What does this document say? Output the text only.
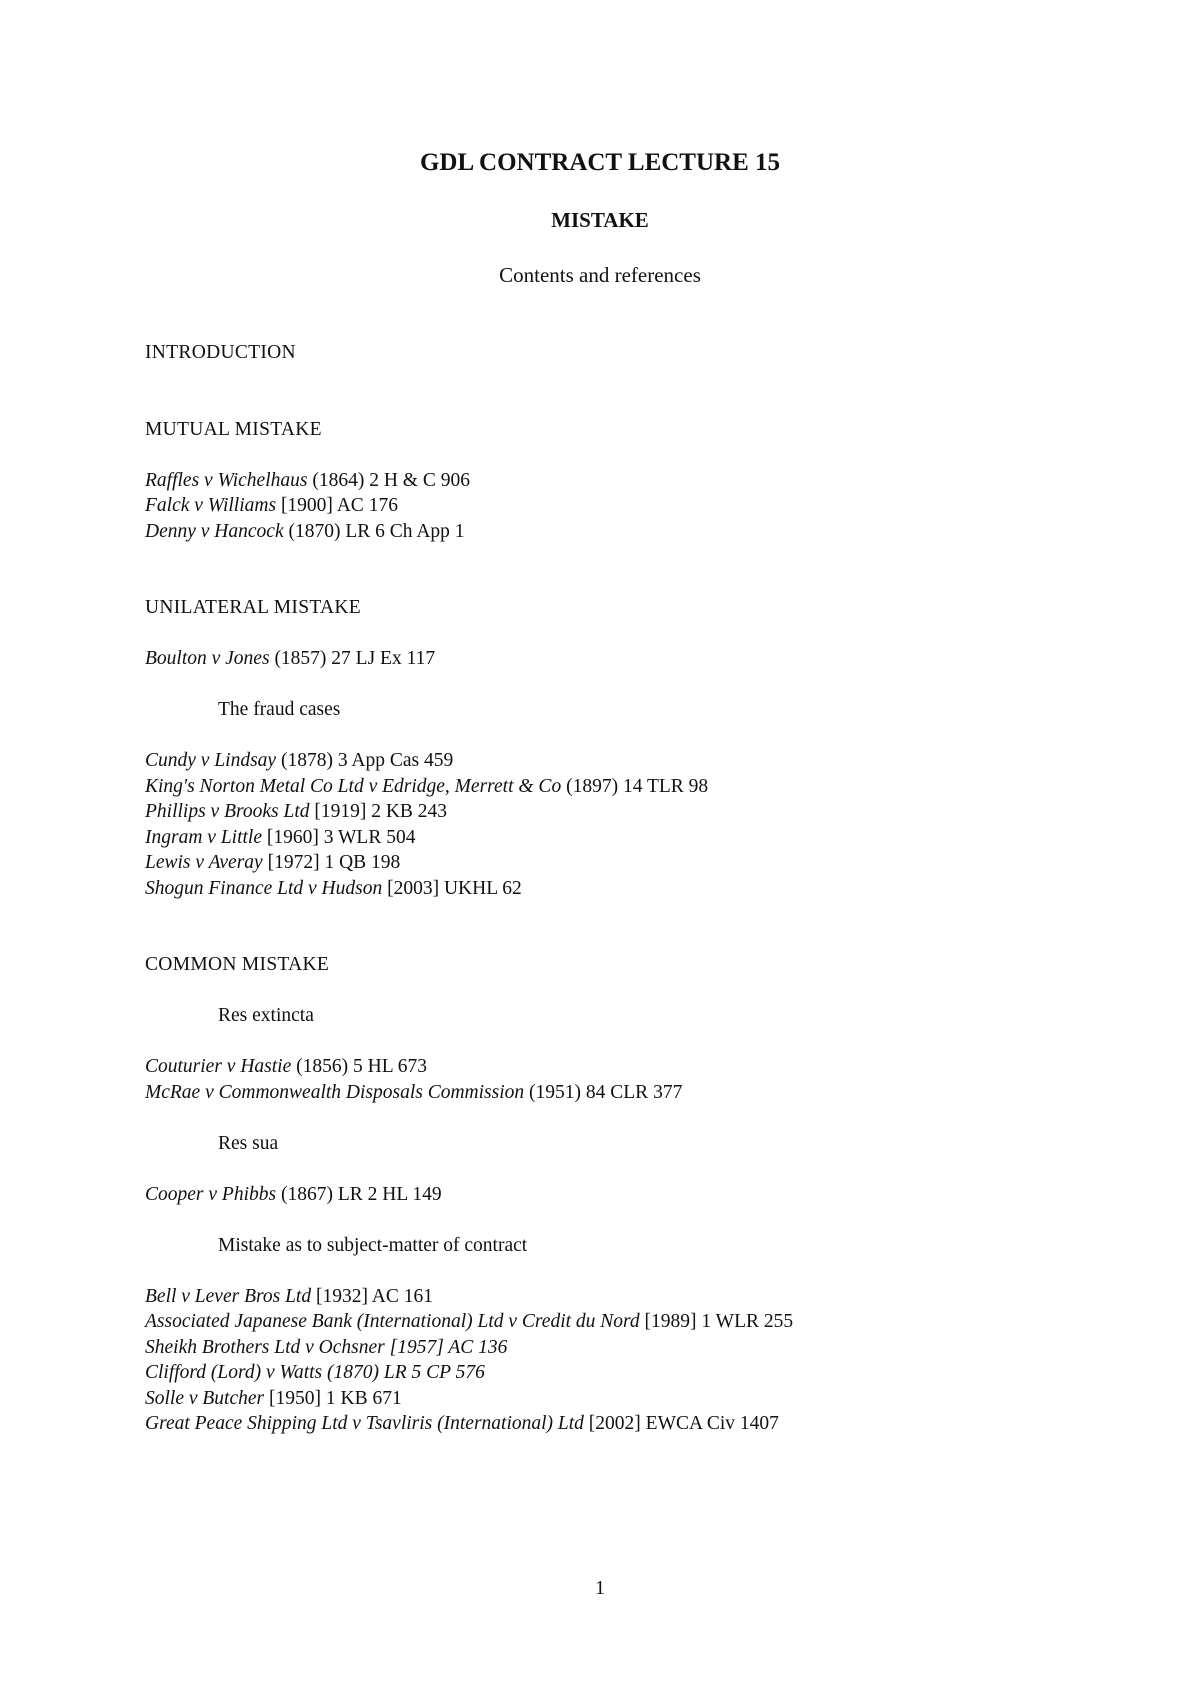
GDL CONTRACT LECTURE 15
MISTAKE
Contents and references
INTRODUCTION
MUTUAL MISTAKE
Raffles v Wichelhaus (1864) 2 H & C 906
Falck v Williams [1900] AC 176
Denny v Hancock (1870) LR 6 Ch App 1
UNILATERAL MISTAKE
Boulton v Jones (1857) 27 LJ Ex 117
The fraud cases
Cundy v Lindsay (1878) 3 App Cas 459
King's Norton Metal Co Ltd v Edridge, Merrett & Co (1897) 14 TLR 98
Phillips v Brooks Ltd [1919] 2 KB 243
Ingram v Little [1960] 3 WLR 504
Lewis v Averay [1972] 1 QB 198
Shogun Finance Ltd v Hudson [2003] UKHL 62
COMMON MISTAKE
Res extincta
Couturier v Hastie (1856) 5 HL 673
McRae v Commonwealth Disposals Commission (1951) 84 CLR 377
Res sua
Cooper v Phibbs (1867) LR 2 HL 149
Mistake as to subject-matter of contract
Bell v Lever Bros Ltd [1932] AC 161
Associated Japanese Bank (International) Ltd v Credit du Nord [1989] 1 WLR 255
Sheikh Brothers Ltd v Ochsner [1957] AC 136
Clifford (Lord) v Watts (1870) LR 5 CP 576
Solle v Butcher [1950] 1 KB 671
Great Peace Shipping Ltd v Tsavliris (International) Ltd [2002] EWCA Civ 1407
1
